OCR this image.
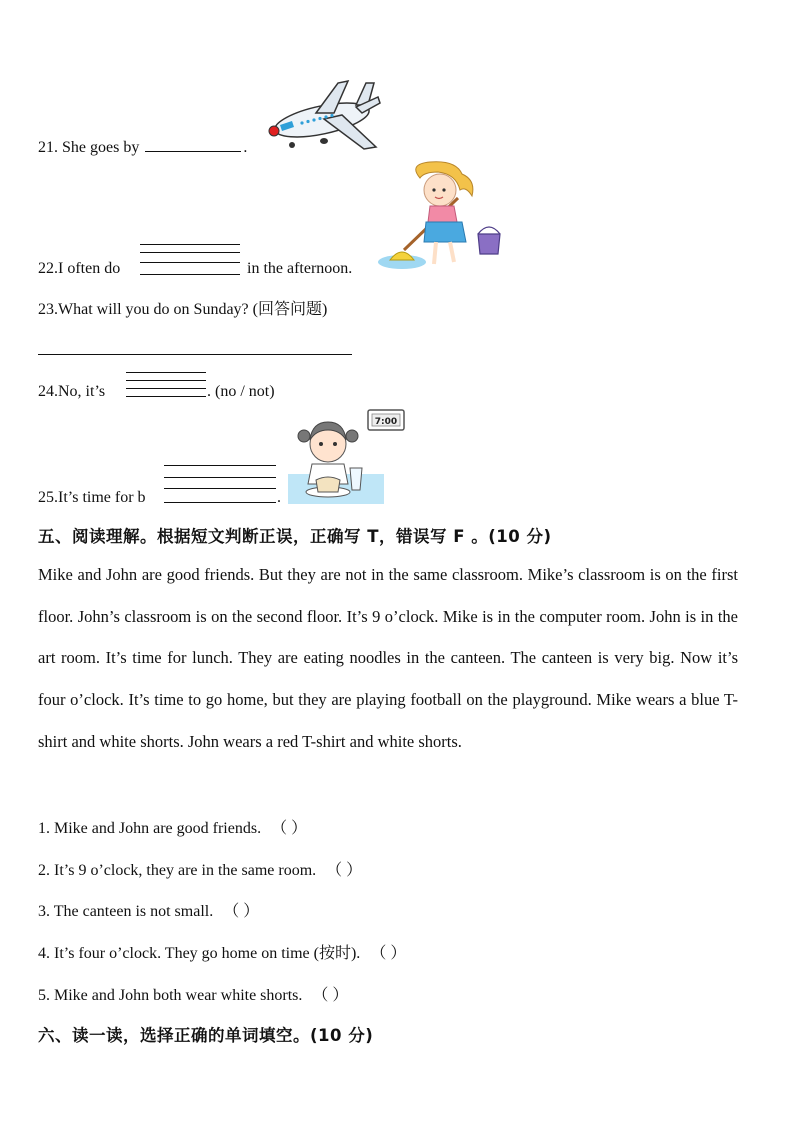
21. She goes by	.
22.I often do	in the afternoon.
23.What will you do on Sunday? (回答问题)
24.No, it’s	. (no / not)
25.It’s time for b	.
7:00
五、阅读理解。根据短文判断正误，正确写 T，错误写 F 。(10 分)

Mike and John are good friends. But they are not in the same classroom. Mike’s classroom is on the first floor. John’s classroom is on the second floor. It’s 9 o’clock. Mike is in the computer room. John is in the art room. It’s time for lunch. They are eating noodles in the canteen. The canteen is very big. Now it’s four o’clock. It’s time to go home, but they are playing football on the playground. Mike wears a blue T-shirt and white shorts. John wears a red T-shirt and white shorts.

1. Mike and John are good friends. （ ）
2. It’s 9 o’clock, they are in the same room. （ ）
3. The canteen is not small. （ ）
4. It’s four o’clock. They go home on time (按时). （ ）
5. Mike and John both wear white shorts. （ ）
六、读一读，选择正确的单词填空。(10 分)
